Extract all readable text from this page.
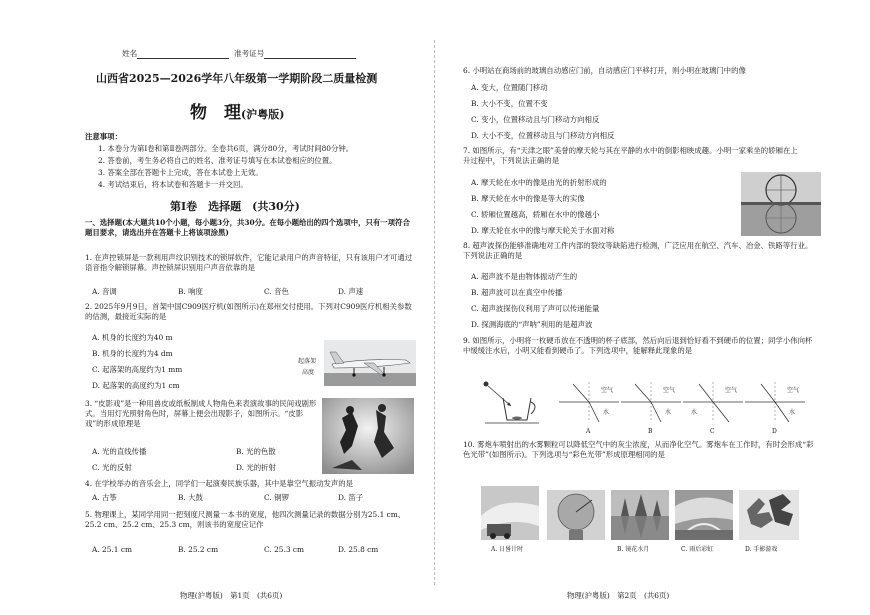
姓名	准考证号
山西省2025—2026学年八年级第一学期阶段二质量检测
物　理(沪粤版)
注意事项：
1. 本卷分为第Ⅰ卷和第Ⅱ卷两部分。全卷共6页，满分80分，考试时间80分钟。
2. 答卷前，考生务必将自己的姓名、准考证号填写在本试卷相应的位置。
3. 答案全部在答题卡上完成，答在本试卷上无效。
4. 考试结束后，将本试卷和答题卡一并交回。
第Ⅰ卷　选择题　(共30分)
一、选择题(本大题共10个小题，每小题3分，共30分。在每小题给出的四个选项中，只有一项符合题目要求，请选出并在答题卡上将该项涂黑)
1. 在声控锁屏是一款利用声纹识别技术的锁屏软件，它能记录用户的声音特征，只有该用户才可通过语音指令解锁屏幕。声控锁屏识别用户声音依靠的是
A. 音调	B. 响度	C. 音色	D. 声速
2. 2025年9月9日，首架中国C909医疗机(如图所示)在郑州交付使用。下列对C909医疗机相关参数的估测，最接近实际的是
A. 机身的长度约为40 m
B. 机身的长度约为4 dm
C. 起落架的高度约为1 mm
D. 起落架的高度约为1 cm
起落架
高度
3. “皮影戏”是一种用兽皮或纸板制成人物角色来表演故事的民间戏剧形式。当用灯光照射角色时，屏幕上便会出现影子，如图所示。“皮影戏”的形成原理是
A. 光的直线传播	B. 光的色散
C. 光的反射	D. 光的折射
4. 在学校举办的音乐会上，同学们一起演奏民族乐器，其中是靠空气振动发声的是
A. 古筝	B. 大鼓	C. 铜锣	D. 笛子
5. 物理课上，某同学用同一把刻度尺测量一本书的宽度，他四次测量记录的数据分别为25.1 cm、25.2 cm、25.2 cm、25.3 cm，则该书的宽度应记作
A. 25.1 cm	B. 25.2 cm	C. 25.3 cm	D. 25.8 cm
物理(沪粤版)　第1页　(共6页)
6. 小明站在商场前的玻璃自动感应门前，自动感应门平移打开，则小明在玻璃门中的像
A. 变大，位置随门移动
B. 大小不变，位置不变
C. 变小，位置移动且与门移动方向相反
D. 大小不变，位置移动且与门移动方向相反
7. 如图所示，有“天津之眼”美誉的摩天轮与其在平静的水中的倒影相映成趣。小明一家乘坐的轿厢在上升过程中，下列说法正确的是
A. 摩天轮在水中的像是由光的折射形成的
B. 摩天轮在水中的像是等大的实像
C. 轿厢位置越高，轿厢在水中的像越小
D. 摩天轮在水中的像与摩天轮关于水面对称
8. 超声波探伤能够准确地对工件内部的裂纹等缺陷进行检测，广泛应用在航空、汽车、冶金、铁路等行业。下列说法正确的是
A. 超声波不是由物体振动产生的
B. 超声波可以在真空中传播
C. 超声波探伤仪利用了声可以传递能量
D. 探测海底的“声呐”利用的是超声波
9. 如图所示，小明将一枚硬币放在不透明的杯子底部，然后向后退到恰好看不到硬币的位置；同学小伟向杯中缓缓注水后，小明又能看到硬币了。下列选项中，能解释此现象的是
空气
水
空气
水
空气
水
空气
水
A	B	C	D
10. 雾炮车喷射出的水雾颗粒可以降低空气中的灰尘浓度，从而净化空气。雾炮车在工作时，有时会形成“彩色光带”(如图所示)。下列选项与“彩色光带”形成原理相同的是
A. 日晷计时	B. 镜花水月	C. 雨后彩虹	D. 手影游戏
物理(沪粤版)　第2页　(共6页)
